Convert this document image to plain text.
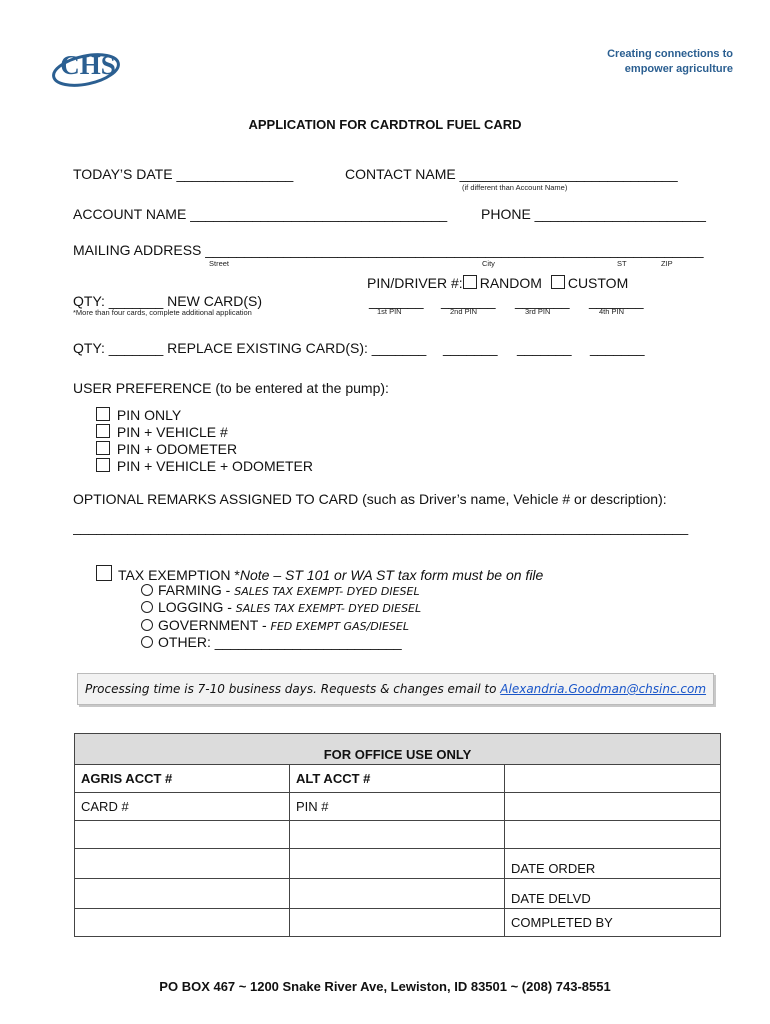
CHS	Creating connections to
empower agriculture
APPLICATION FOR CARDTROL FUEL CARD
TODAY’S DATE _______________	CONTACT NAME ____________________________
(if different than Account Name)
ACCOUNT NAME _________________________________ PHONE ______________________
MAILING ADDRESS ________________________________________________________________
Street	City	ST	ZIP
PIN/DRIVER #: RANDOM CUSTOM
_______ _______ _______ _______
1st PIN	2nd PIN	3rd PIN	4th PIN
QTY: _______ NEW CARD(S)
*More than four cards, complete additional application
QTY: _______ REPLACE EXISTING CARD(S): _______ _______ _______ _______
USER PREFERENCE (to be entered at the pump):
PIN ONLY
PIN + VEHICLE #
PIN + ODOMETER
PIN + VEHICLE + ODOMETER
OPTIONAL REMARKS ASSIGNED TO CARD (such as Driver’s name, Vehicle # or description):
_______________________________________________________________________________
TAX EXEMPTION *Note – ST 101 or WA ST tax form must be on file
FARMING - SALES TAX EXEMPT- DYED DIESEL
LOGGING - SALES TAX EXEMPT- DYED DIESEL
GOVERNMENT - FED EXEMPT GAS/DIESEL
OTHER: ________________________
Processing time is 7-10 business days. Requests & changes email to Alexandria.Goodman@chsinc.com
FOR OFFICE USE ONLY		
AGRIS ACCT #	ALT ACCT #	
CARD #	PIN #	

		DATE ORDER
		DATE DELVD
		COMPLETED BY
PO BOX 467 ~ 1200 Snake River Ave, Lewiston, ID 83501 ~ (208) 743-8551
